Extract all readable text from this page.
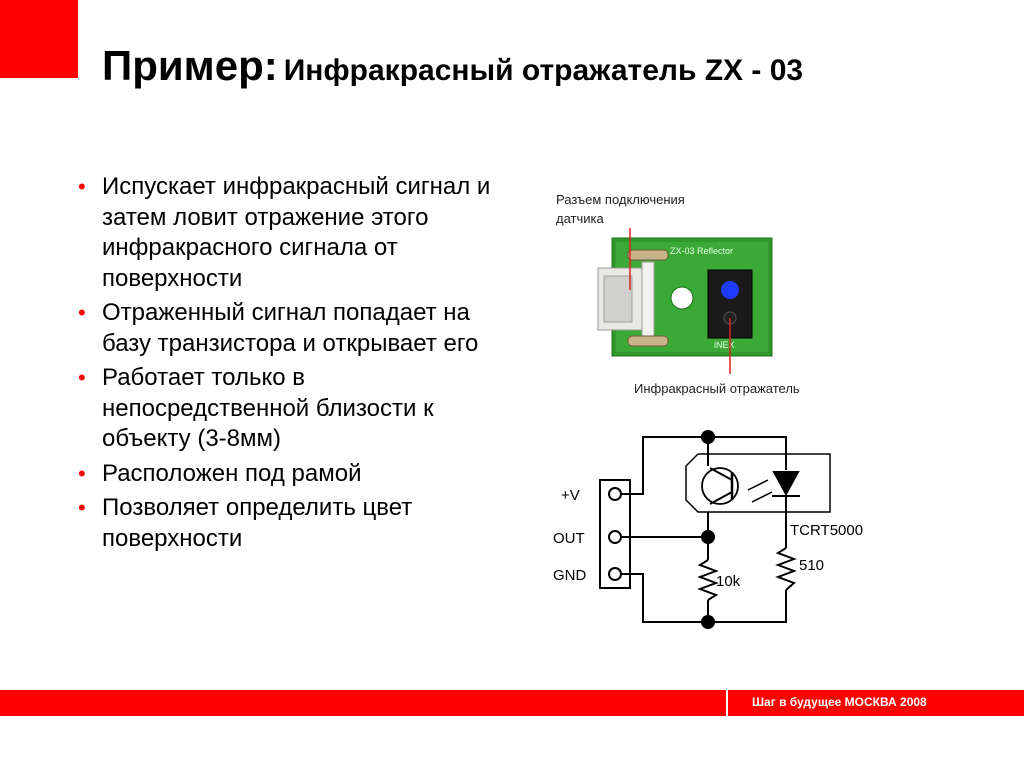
Пример: Инфракрасный отражатель ZX - 03
• Испускает инфракрасный сигнал и затем ловит отражение этого инфракрасного сигнала от поверхности
• Отраженный сигнал попадает на базу транзистора и открывает его
• Работает только в непосредственной близости к объекту (3-8мм)
• Расположен под рамой
• Позволяет определить цвет поверхности
Разъем подключения
датчика
Инфракрасный отражатель
ZX-03 Reflector
iNEX
+V
OUT
GND
TCRT5000
10k
510
Шаг в будущее МОСКВА 2008
